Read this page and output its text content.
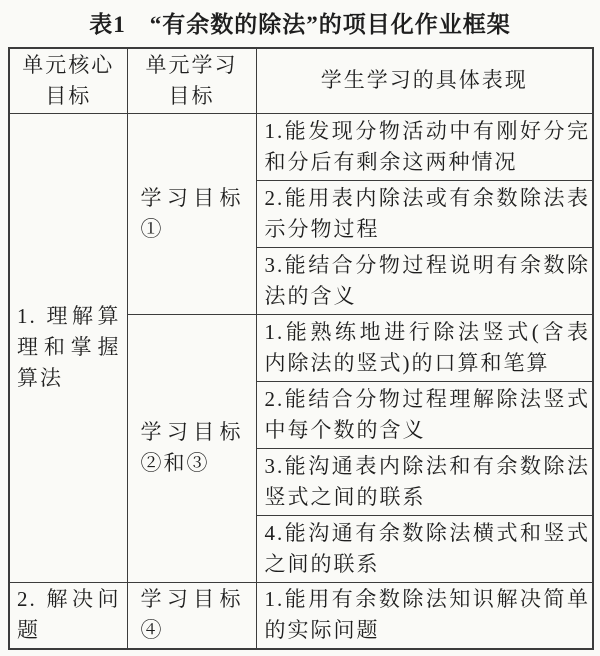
表1　“有余数的除法”的项目化作业框架
单元核心目标	单元学习目标	学生学习的具体表现
1. 理解算理和掌握算法	学习目标①	1.能发现分物活动中有刚好分完和分后有剩余这两种情况
		2.能用表内除法或有余数除法表示分物过程
		3.能结合分物过程说明有余数除法的含义
	学习目标②和③	1.能熟练地进行除法竖式(含表内除法的竖式)的口算和笔算
		2.能结合分物过程理解除法竖式中每个数的含义
		3.能沟通表内除法和有余数除法竖式之间的联系
		4.能沟通有余数除法横式和竖式之间的联系
2. 解决问题	学习目标④	1.能用有余数除法知识解决简单的实际问题
